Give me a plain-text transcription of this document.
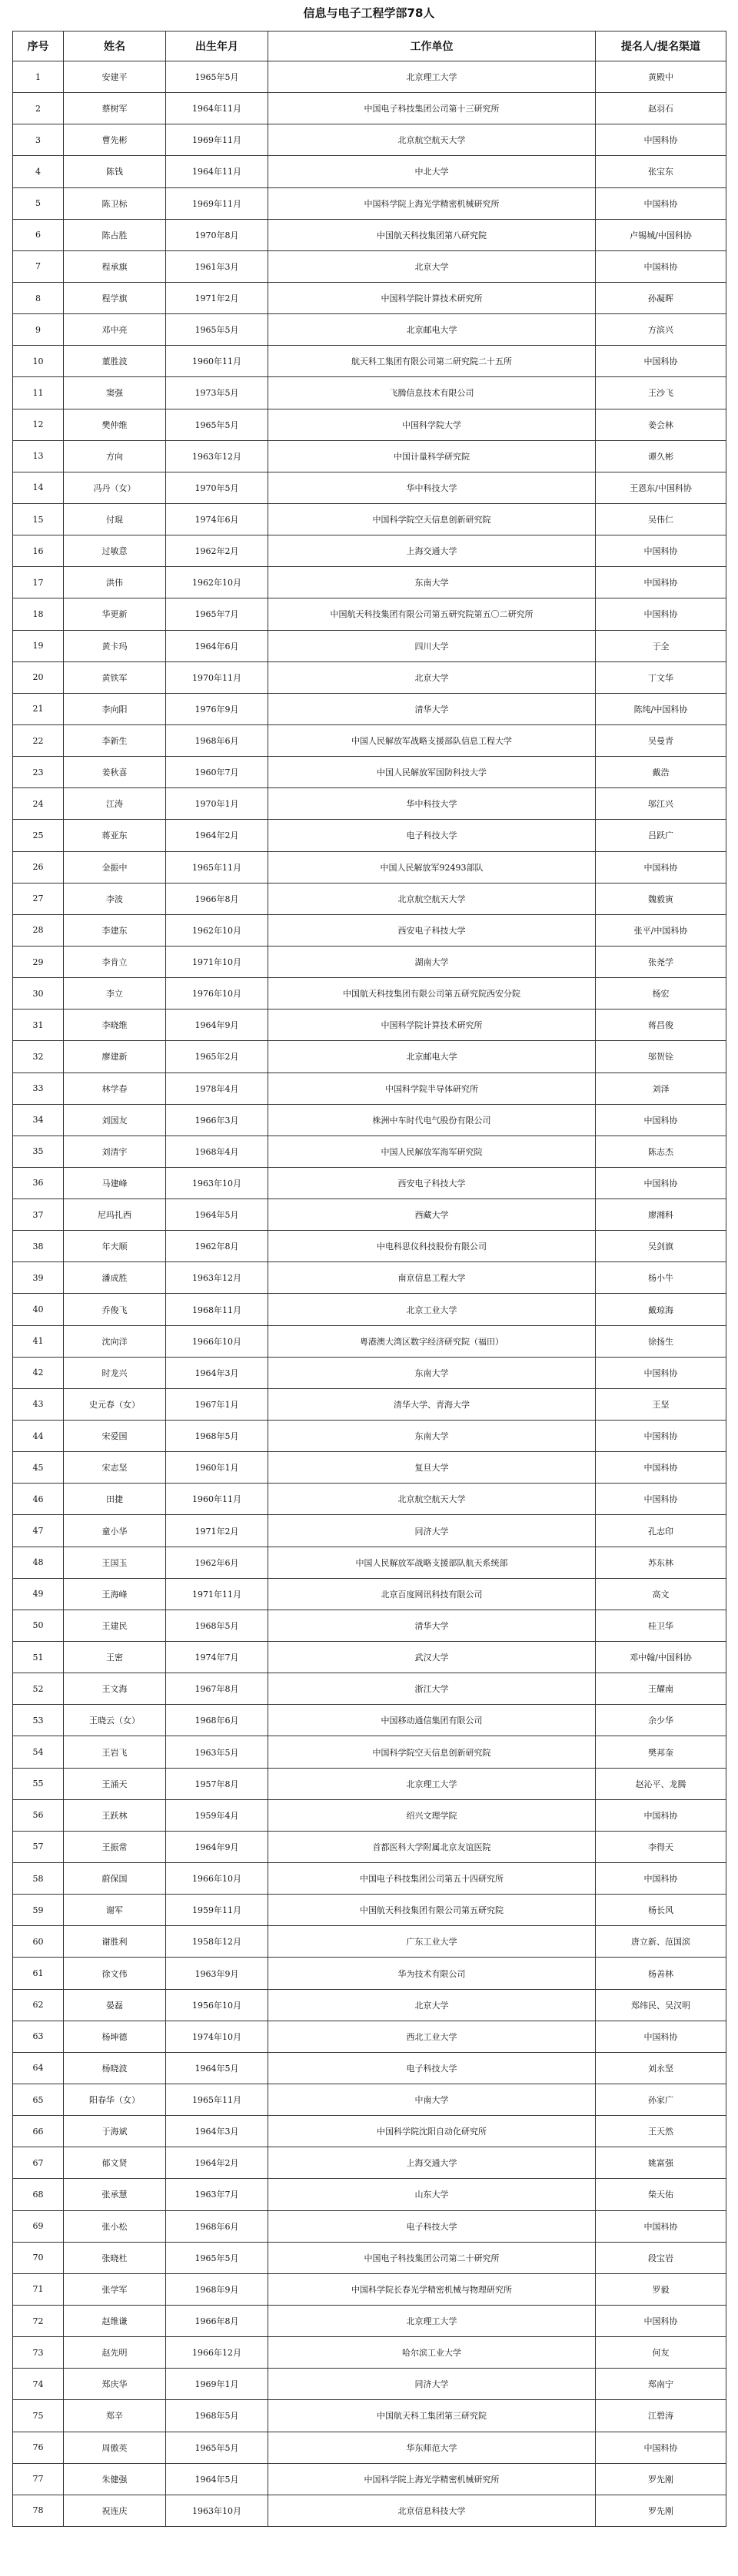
信息与电子工程学部78人
序号	姓名	出生年月	工作单位	提名人/提名渠道
1	安建平	1965年5月	北京理工大学	黄殿中
2	蔡树军	1964年11月	中国电子科技集团公司第十三研究所	赵羽石
3	曹先彬	1969年11月	北京航空航天大学	中国科协
4	陈钱	1964年11月	中北大学	张宝东
5	陈卫标	1969年11月	中国科学院上海光学精密机械研究所	中国科协
6	陈占胜	1970年8月	中国航天科技集团第八研究院	卢锡城/中国科协
7	程承旗	1961年3月	北京大学	中国科协
8	程学旗	1971年2月	中国科学院计算技术研究所	孙凝晖
9	邓中亮	1965年5月	北京邮电大学	方滨兴
10	董胜波	1960年11月	航天科工集团有限公司第二研究院二十五所	中国科协
11	窦强	1973年5月	飞腾信息技术有限公司	王沙飞
12	樊仲维	1965年5月	中国科学院大学	姜会林
13	方向	1963年12月	中国计量科学研究院	谭久彬
14	冯丹（女）	1970年5月	华中科技大学	王恩东/中国科协
15	付琨	1974年6月	中国科学院空天信息创新研究院	吴伟仁
16	过敏意	1962年2月	上海交通大学	中国科协
17	洪伟	1962年10月	东南大学	中国科协
18	华更新	1965年7月	中国航天科技集团有限公司第五研究院第五〇二研究所	中国科协
19	黄卡玛	1964年6月	四川大学	于全
20	黄铁军	1970年11月	北京大学	丁文华
21	李向阳	1976年9月	清华大学	陈纯/中国科协
22	李新生	1968年6月	中国人民解放军战略支援部队信息工程大学	吴曼青
23	姜秋喜	1960年7月	中国人民解放军国防科技大学	戴浩
24	江涛	1970年1月	华中科技大学	邬江兴
25	蒋亚东	1964年2月	电子科技大学	吕跃广
26	金振中	1965年11月	中国人民解放军92493部队	中国科协
27	李波	1966年8月	北京航空航天大学	魏毅寅
28	李建东	1962年10月	西安电子科技大学	张平/中国科协
29	李肯立	1971年10月	湖南大学	张尧学
30	李立	1976年10月	中国航天科技集团有限公司第五研究院西安分院	杨宏
31	李晓维	1964年9月	中国科学院计算技术研究所	蒋昌俊
32	廖建新	1965年2月	北京邮电大学	邬贺铨
33	林学春	1978年4月	中国科学院半导体研究所	刘泽
34	刘国友	1966年3月	株洲中车时代电气股份有限公司	中国科协
35	刘清宇	1968年4月	中国人民解放军海军研究院	陈志杰
36	马建峰	1963年10月	西安电子科技大学	中国科协
37	尼玛扎西	1964年5月	西藏大学	廖湘科
38	年夫顺	1962年8月	中电科思仪科技股份有限公司	吴剑旗
39	潘成胜	1963年12月	南京信息工程大学	杨小牛
40	乔俊飞	1968年11月	北京工业大学	戴琼海
41	沈向洋	1966年10月	粤港澳大湾区数字经济研究院（福田）	徐扬生
42	时龙兴	1964年3月	东南大学	中国科协
43	史元春（女）	1967年1月	清华大学、青海大学	王坚
44	宋爱国	1968年5月	东南大学	中国科协
45	宋志坚	1960年1月	复旦大学	中国科协
46	田捷	1960年11月	北京航空航天大学	中国科协
47	童小华	1971年2月	同济大学	孔志印
48	王国玉	1962年6月	中国人民解放军战略支援部队航天系统部	苏东林
49	王海峰	1971年11月	北京百度网讯科技有限公司	高文
50	王建民	1968年5月	清华大学	桂卫华
51	王密	1974年7月	武汉大学	邓中翰/中国科协
52	王文海	1967年8月	浙江大学	王耀南
53	王晓云（女）	1968年6月	中国移动通信集团有限公司	余少华
54	王岩飞	1963年5月	中国科学院空天信息创新研究院	樊邦奎
55	王涌天	1957年8月	北京理工大学	赵沁平、龙腾
56	王跃林	1959年4月	绍兴文理学院	中国科协
57	王振常	1964年9月	首都医科大学附属北京友谊医院	李得天
58	蔚保国	1966年10月	中国电子科技集团公司第五十四研究所	中国科协
59	谢军	1959年11月	中国航天科技集团有限公司第五研究院	杨长风
60	谢胜利	1958年12月	广东工业大学	唐立新、范国滨
61	徐文伟	1963年9月	华为技术有限公司	杨善林
62	晏磊	1956年10月	北京大学	郑纬民、吴汉明
63	杨坤德	1974年10月	西北工业大学	中国科协
64	杨晓波	1964年5月	电子科技大学	刘永坚
65	阳春华（女）	1965年11月	中南大学	孙家广
66	于海斌	1964年3月	中国科学院沈阳自动化研究所	王天然
67	郁文贤	1964年2月	上海交通大学	姚富强
68	张承慧	1963年7月	山东大学	柴天佑
69	张小松	1968年6月	电子科技大学	中国科协
70	张晓杜	1965年5月	中国电子科技集团公司第二十研究所	段宝岩
71	张学军	1968年9月	中国科学院长春光学精密机械与物理研究所	罗毅
72	赵维谦	1966年8月	北京理工大学	中国科协
73	赵先明	1966年12月	哈尔滨工业大学	何友
74	郑庆华	1969年1月	同济大学	郑南宁
75	郑辛	1968年5月	中国航天科工集团第三研究院	江碧涛
76	周傲英	1965年5月	华东师范大学	中国科协
77	朱健强	1964年5月	中国科学院上海光学精密机械研究所	罗先刚
78	祝连庆	1963年10月	北京信息科技大学	罗先刚
